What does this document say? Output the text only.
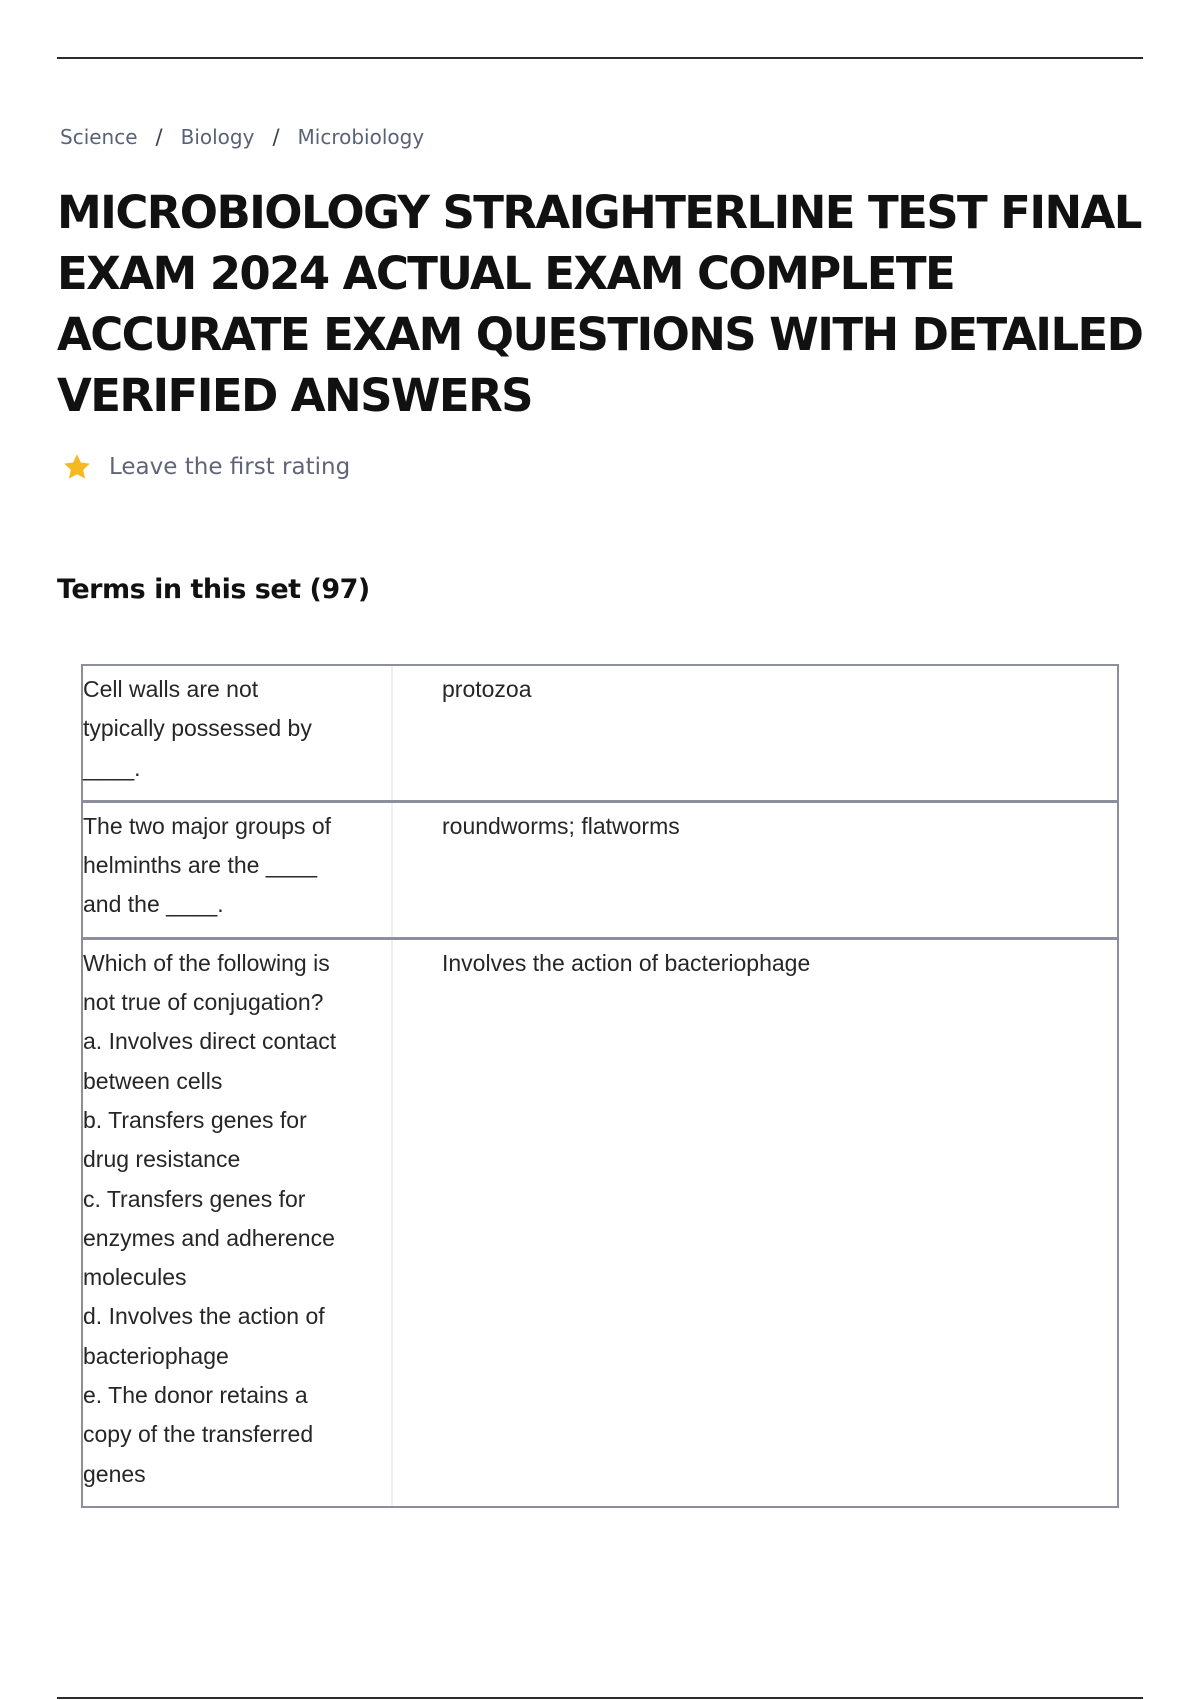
Science / Biology / Microbiology
MICROBIOLOGY STRAIGHTERLINE TEST FINAL EXAM 2024 ACTUAL EXAM COMPLETE ACCURATE EXAM QUESTIONS WITH DETAILED VERIFIED ANSWERS
Leave the first rating
Terms in this set (97)
Cell walls are not
typically possessed by
____.
protozoa
The two major groups of
helminths are the ____
and the ____.
roundworms; flatworms
Which of the following is
not true of conjugation?
a. Involves direct contact
between cells
b. Transfers genes for
drug resistance
c. Transfers genes for
enzymes and adherence
molecules
d. Involves the action of
bacteriophage
e. The donor retains a
copy of the transferred
genes
Involves the action of bacteriophage
